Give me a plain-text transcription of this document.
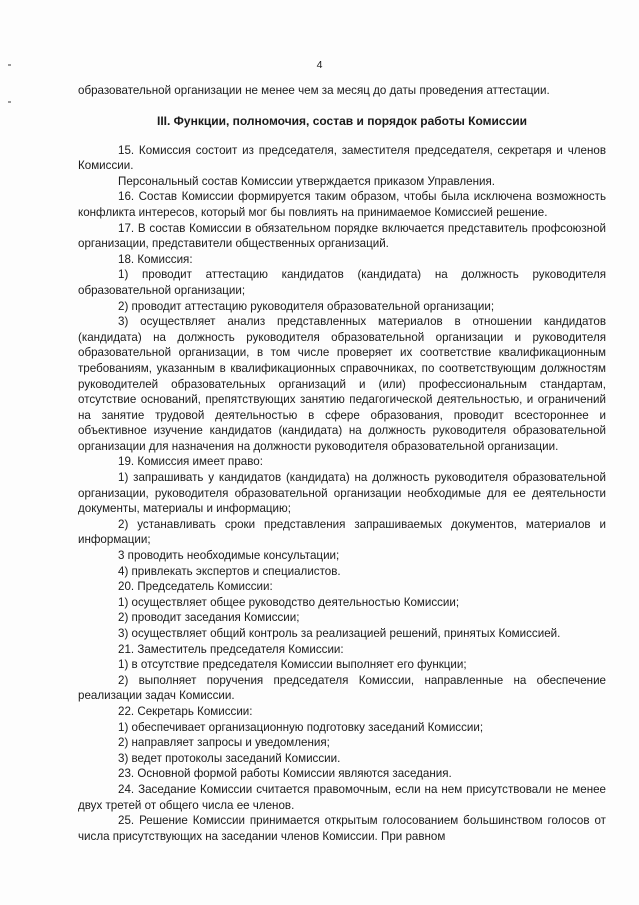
4

образовательной организации не менее чем за месяц до даты проведения аттестации.

III. Функции, полномочия, состав и порядок работы Комиссии

15. Комиссия состоит из председателя, заместителя председателя, секретаря и членов Комиссии.

Персональный состав Комиссии утверждается приказом Управления.

16. Состав Комиссии формируется таким образом, чтобы была исключена возможность конфликта интересов, который мог бы повлиять на принимаемое Комиссией решение.

17. В состав Комиссии в обязательном порядке включается представитель профсоюзной организации, представители общественных организаций.

18. Комиссия:

1) проводит аттестацию кандидатов (кандидата) на должность руководителя образовательной организации;

2) проводит аттестацию руководителя образовательной организации;

3) осуществляет анализ представленных материалов в отношении кандидатов (кандидата) на должность руководителя образовательной организации и руководителя образовательной организации, в том числе проверяет их соответствие квалификационным требованиям, указанным в квалификационных справочниках, по соответствующим должностям руководителей образовательных организаций и (или) профессиональным стандартам, отсутствие оснований, препятствующих занятию педагогической деятельностью, и ограничений на занятие трудовой деятельностью в сфере образования, проводит всестороннее и объективное изучение кандидатов (кандидата) на должность руководителя образовательной организации для назначения на должности руководителя образовательной организации.

19. Комиссия имеет право:

1) запрашивать у кандидатов (кандидата) на должность руководителя образовательной организации, руководителя образовательной организации необходимые для ее деятельности документы, материалы и информацию;

2) устанавливать сроки представления запрашиваемых документов, материалов и информации;

3 проводить необходимые консультации;

4) привлекать экспертов и специалистов.

20. Председатель Комиссии:

1) осуществляет общее руководство деятельностью Комиссии;

2) проводит заседания Комиссии;

3) осуществляет общий контроль за реализацией решений, принятых Комиссией.

21. Заместитель председателя Комиссии:

1) в отсутствие председателя Комиссии выполняет его функции;

2) выполняет поручения председателя Комиссии, направленные на обеспечение реализации задач Комиссии.

22. Секретарь Комиссии:

1) обеспечивает организационную подготовку заседаний Комиссии;

2) направляет запросы и уведомления;

3) ведет протоколы заседаний Комиссии.

23. Основной формой работы Комиссии являются заседания.

24. Заседание Комиссии считается правомочным, если на нем присутствовали не менее двух третей от общего числа ее членов.

25. Решение Комиссии принимается открытым голосованием большинством голосов от числа присутствующих на заседании членов Комиссии. При равном
